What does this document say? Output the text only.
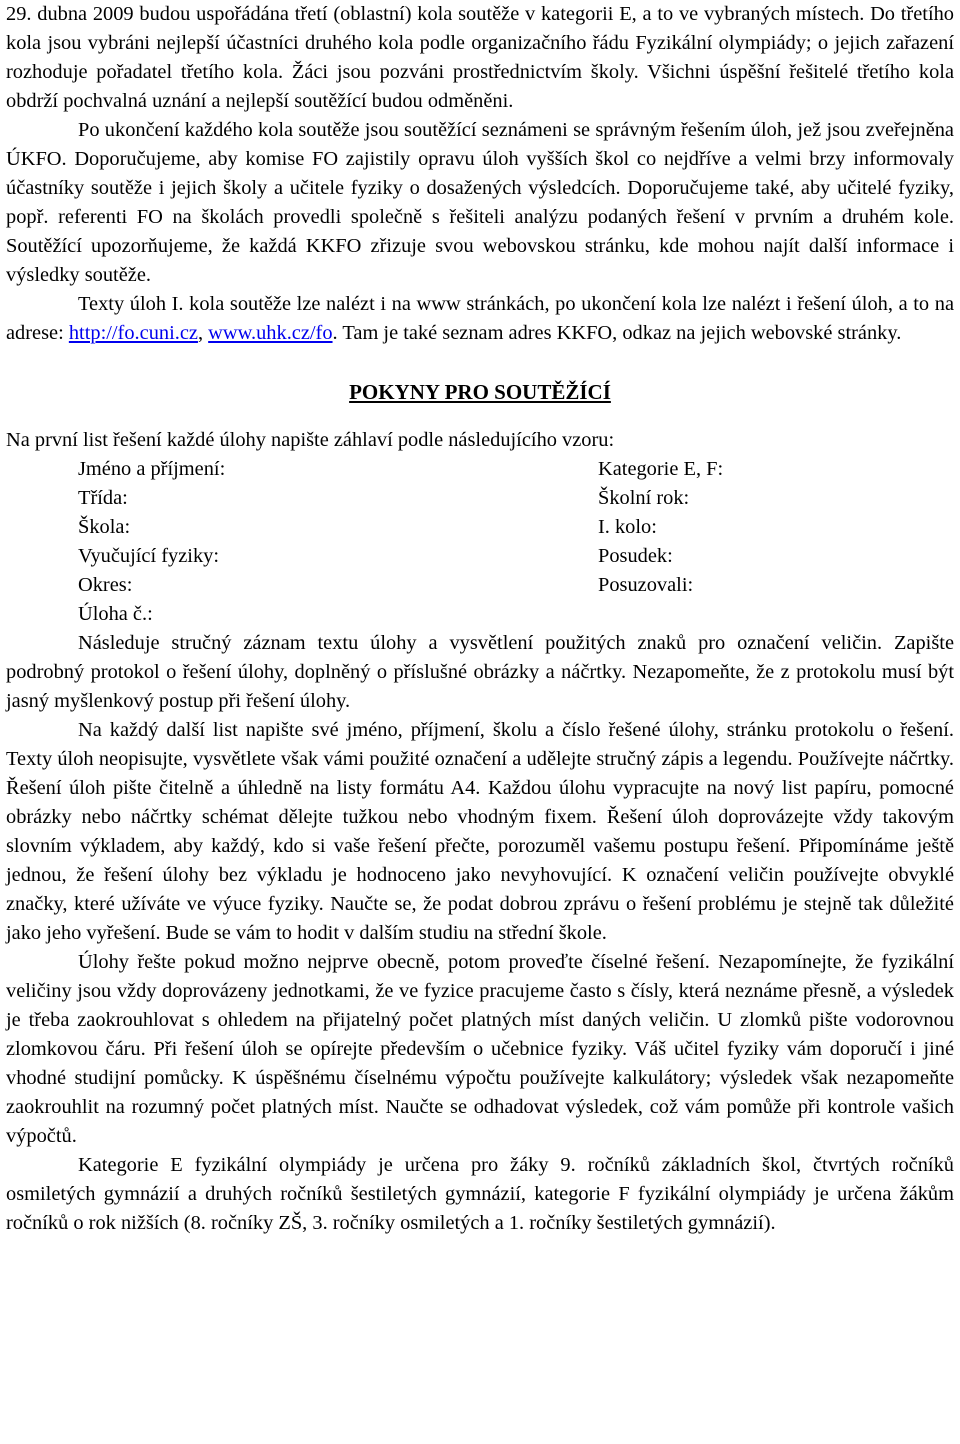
29. dubna 2009 budou uspořádána třetí (oblastní) kola soutěže v kategorii E, a to ve vybraných místech. Do třetího kola jsou vybráni nejlepší účastníci druhého kola podle organizačního řádu Fyzikální olympiády; o jejich zařazení rozhoduje pořadatel třetího kola. Žáci jsou pozváni prostřednictvím školy. Všichni úspěšní řešitelé třetího kola obdrží pochvalná uznání a nejlepší soutěžící budou odměněni.

Po ukončení každého kola soutěže jsou soutěžící seznámeni se správným řešením úloh, jež jsou zveřejněna ÚKFO. Doporučujeme, aby komise FO zajistily opravu úloh vyšších škol co nejdříve a velmi brzy informovaly účastníky soutěže i jejich školy a učitele fyziky o dosažených výsledcích. Doporučujeme také, aby učitelé fyziky, popř. referenti FO na školách provedli společně s řešiteli analýzu podaných řešení v prvním a druhém kole. Soutěžící upozorňujeme, že každá KKFO zřizuje svou webovskou stránku, kde mohou najít další informace i výsledky soutěže.

Texty úloh I. kola soutěže lze nalézt i na www stránkách, po ukončení kola lze nalézt i řešení úloh, a to na adrese: http://fo.cuni.cz, www.uhk.cz/fo. Tam je také seznam adres KKFO, odkaz na jejich webovské stránky.

POKYNY PRO SOUTĚŽÍCÍ

Na první list řešení každé úlohy napište záhlaví podle následujícího vzoru:

Jméno a příjmení:	Kategorie E, F:
Třída:	Školní rok:
Škola:	I. kolo:
Vyučující fyziky:	Posudek:
Okres:	Posuzovali:
Úloha č.:

Následuje stručný záznam textu úlohy a vysvětlení použitých znaků pro označení veličin. Zapište podrobný protokol o řešení úlohy, doplněný o příslušné obrázky a náčrtky. Nezapomeňte, že z protokolu musí být jasný myšlenkový postup při řešení úlohy.

Na každý další list napište své jméno, příjmení, školu a číslo řešené úlohy, stránku protokolu o řešení. Texty úloh neopisujte, vysvětlete však vámi použité označení a udělejte stručný zápis a legendu. Používejte náčrtky. Řešení úloh pište čitelně a úhledně na listy formátu A4. Každou úlohu vypracujte na nový list papíru, pomocné obrázky nebo náčrtky schémat dělejte tužkou nebo vhodným fixem. Řešení úloh doprovázejte vždy takovým slovním výkladem, aby každý, kdo si vaše řešení přečte, porozuměl vašemu postupu řešení. Připomínáme ještě jednou, že řešení úlohy bez výkladu je hodnoceno jako nevyhovující. K označení veličin používejte obvyklé značky, které užíváte ve výuce fyziky. Naučte se, že podat dobrou zprávu o řešení problému je stejně tak důležité jako jeho vyřešení. Bude se vám to hodit v dalším studiu na střední škole.

Úlohy řešte pokud možno nejprve obecně, potom proveďte číselné řešení. Nezapomínejte, že fyzikální veličiny jsou vždy doprovázeny jednotkami, že ve fyzice pracujeme často s čísly, která neznáme přesně, a výsledek je třeba zaokrouhlovat s ohledem na přijatelný počet platných míst daných veličin. U zlomků pište vodorovnou zlomkovou čáru. Při řešení úloh se opírejte především o učebnice fyziky. Váš učitel fyziky vám doporučí i jiné vhodné studijní pomůcky. K úspěšnému číselnému výpočtu používejte kalkulátory; výsledek však nezapomeňte zaokrouhlit na rozumný počet platných míst. Naučte se odhadovat výsledek, což vám pomůže při kontrole vašich výpočtů.

Kategorie E fyzikální olympiády je určena pro žáky 9. ročníků základních škol, čtvrtých ročníků osmiletých gymnázií a druhých ročníků šestiletých gymnázií, kategorie F fyzikální olympiády je určena žákům ročníků o rok nižších (8. ročníky ZŠ, 3. ročníky osmiletých a 1. ročníky šestiletých gymnázií).
